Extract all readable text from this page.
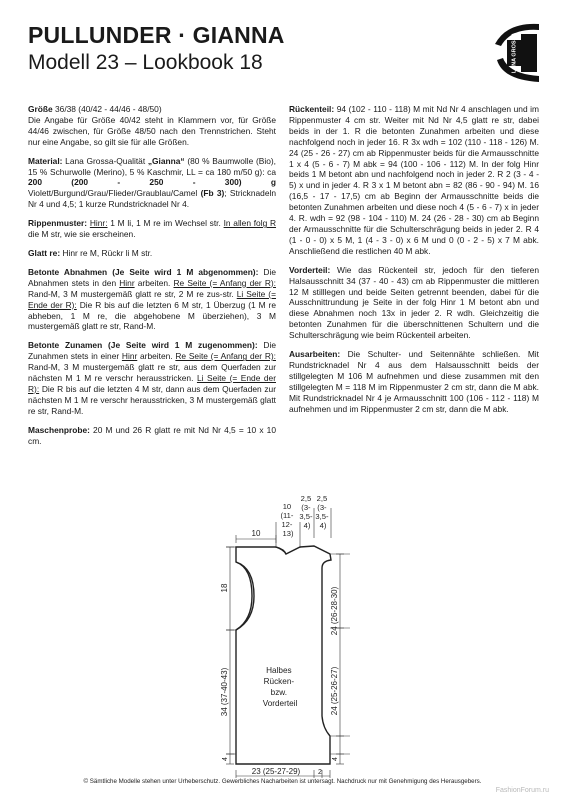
PULLUNDER · GIANNA
Modell 23 – Lookbook 18	LANA GROSSA

Größe 36/38 (40/42 - 44/46 - 48/50)
Die Angabe für Größe 40/42 steht in Klammern vor, für Größe 44/46 zwischen, für Größe 48/50 nach den Trennstrichen. Steht nur eine Angabe, so gilt sie für alle Größen.

Material: Lana Grossa-Qualität „Gianna“ (80 % Baumwolle (Bio), 15 % Schurwolle (Merino), 5 % Kaschmir, LL = ca 180 m/50 g): ca 200 (200 - 250 - 300) g Violett/Burgund/Grau/Flieder/Graublau/Camel (Fb 3); Stricknadeln Nr 4 und 4,5; 1 kurze Rundstricknadel Nr 4.

Rippenmuster: Hinr: 1 M li, 1 M re im Wechsel str. In allen folg R die M str, wie sie erscheinen.

Glatt re: Hinr re M, Rückr li M str.

Betonte Abnahmen (Je Seite wird 1 M abgenommen): Die Abnahmen stets in den Hinr arbeiten. Re Seite (= Anfang der R): Rand-M, 3 M mustergemäß glatt re str, 2 M re zus-str. Li Seite (= Ende der R): Die R bis auf die letzten 6 M str, 1 Überzug (1 M re abheben, 1 M re, die abgehobene M überziehen), 3 M mustergemäß glatt re str, Rand-M.

Betonte Zunamen (Je Seite wird 1 M zugenommen): Die Zunahmen stets in einer Hinr arbeiten. Re Seite (= Anfang der R): Rand-M, 3 M mustergemäß glatt re str, aus dem Querfaden zur nächsten M 1 M re verschr herausstricken. Li Seite (= Ende der R): Die R bis auf die letzten 4 M str, dann aus dem Querfaden zur nächsten M 1 M re verschr herausstricken, 3 M mustergemäß glatt re str, Rand-M.

Maschenprobe: 20 M und 26 R glatt re mit Nd Nr 4,5 = 10 x 10 cm.

Rückenteil: 94 (102 - 110 - 118) M mit Nd Nr 4 anschlagen und im Rippenmuster 4 cm str. Weiter mit Nd Nr 4,5 glatt re str, dabei beids in der 1. R die betonten Zunahmen arbeiten und diese nachfolgend noch in jeder 16. R 3x wdh = 102 (110 - 118 - 126) M. 24 (25 - 26 - 27) cm ab Rippenmuster beids für die Armausschnitte 1 x 4 (5 - 6 - 7) M abk = 94 (100 - 106 - 112) M. In der folg Hinr beids 1 M betont abn und nachfolgend noch in jeder 2. R 2 (3 - 4 - 5) x und in jeder 4. R 3 x 1 M betont abn = 82 (86 - 90 - 94) M. 16 (16,5 - 17 - 17,5) cm ab Beginn der Armausschnitte beids die betonten Zunahmen arbeiten und diese noch 4 (5 - 6 - 7) x in jeder 4. R. wdh = 92 (98 - 104 - 110) M. 24 (26 - 28 - 30) cm ab Beginn der Armausschnitte für die Schulterschrägung beids in jeder 2. R 4 (1 - 0 - 0) x 5 M, 1 (4 - 3 - 0) x 6 M und 0 (0 - 2 - 5) x 7 M abk. Anschließend die restlichen 40 M abk.

Vorderteil: Wie das Rückenteil str, jedoch für den tieferen Halsausschnitt 34 (37 - 40 - 43) cm ab Rippenmuster die mittleren 12 M stilllegen und beide Seiten getrennt beenden, dabei für die Ausschnittrundung je Seite in der folg Hinr 1 M betont abn und diese Abnahmen noch 13x in jeder 2. R wdh. Gleichzeitig die betonten Zunahmen für die überschnittenen Schultern und die Schulterschrägung wie beim Rückenteil arbeiten.

Ausarbeiten: Die Schulter- und Seitennähte schließen. Mit Rundstricknadel Nr 4 aus dem Halsausschnitt beids der stillgelegten M 106 M aufnehmen und diese zusammen mit den stillgelegten M = 118 M im Rippenmuster 2 cm str, dann die M abk. Mit Rundstricknadel Nr 4 je Armausschnitt 100 (106 - 112 - 118) M aufnehmen und im Rippenmuster 2 cm str, dann die M abk.

10 (11- 12- 13)
2,5 (3- 3,5- 4)
2,5 (3- 3,5- 4)
10
18
34 (37-40-43)
4
24 (26-28-30)
24 (25-26-27)
4
23 (25-27-29)	2
Halbes Rücken- bzw. Vorderteil
© Sämtliche Modelle stehen unter Urheberschutz. Gewerbliches Nacharbeiten ist untersagt. Nachdruck nur mit Genehmigung des Herausgebers.
FashionForum.ru
